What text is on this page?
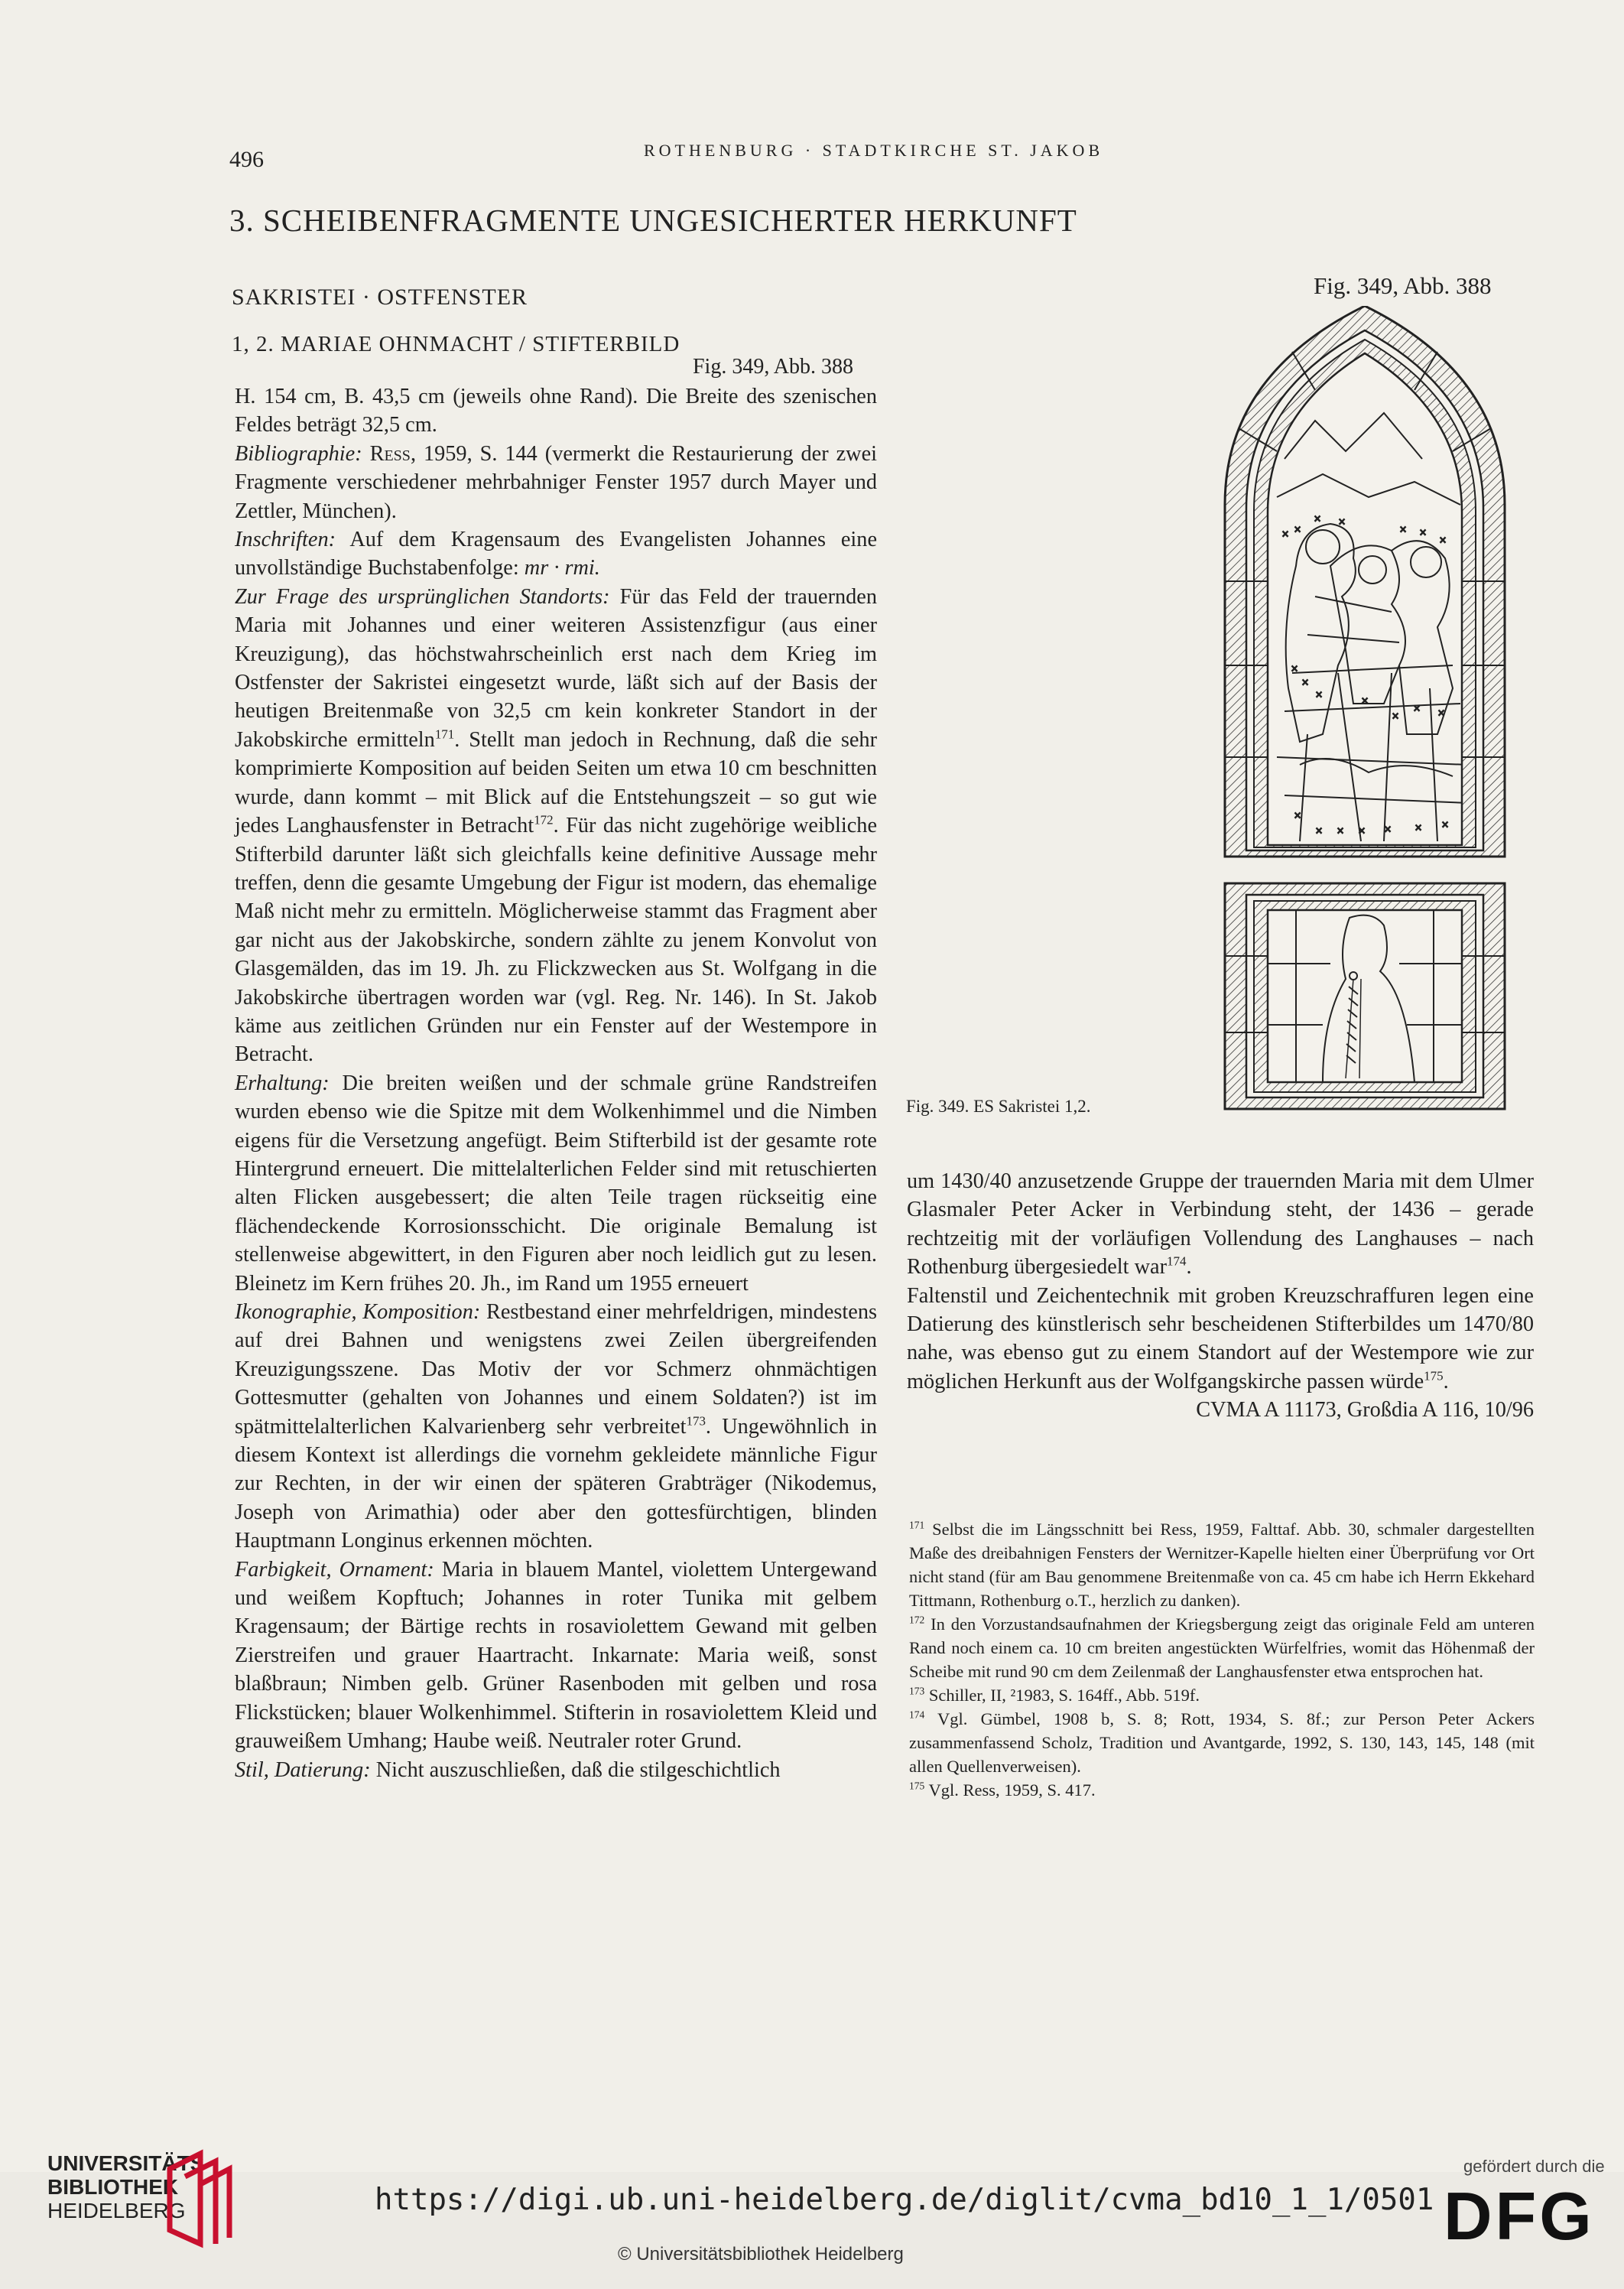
496	ROTHENBURG · STADTKIRCHE ST. JAKOB
3. SCHEIBENFRAGMENTE UNGESICHERTER HERKUNFT
SAKRISTEI · OSTFENSTER
1, 2. MARIAE OHNMACHT / STIFTERBILD
Fig. 349, Abb. 388
Fig. 349, Abb. 388

H. 154 cm, B. 43,5 cm (jeweils ohne Rand). Die Breite des szenischen Feldes beträgt 32,5 cm.

Bibliographie: Ress, 1959, S. 144 (vermerkt die Restaurierung der zwei Fragmente verschiedener mehrbahniger Fenster 1957 durch Mayer und Zettler, München).

Inschriften: Auf dem Kragensaum des Evangelisten Johannes eine unvollständige Buchstabenfolge: mr · rmi.

Zur Frage des ursprünglichen Standorts: Für das Feld der trauernden Maria mit Johannes und einer weiteren Assistenzfigur (aus einer Kreuzigung), das höchstwahrscheinlich erst nach dem Krieg im Ostfenster der Sakristei eingesetzt wurde, läßt sich auf der Basis der heutigen Breitenmaße von 32,5 cm kein konkreter Standort in der Jakobskirche ermitteln$^{171}$. Stellt man jedoch in Rechnung, daß die sehr komprimierte Komposition auf beiden Seiten um etwa 10 cm beschnitten wurde, dann kommt – mit Blick auf die Entstehungszeit – so gut wie jedes Langhausfenster in Betracht$^{172}$. Für das nicht zugehörige weibliche Stifterbild darunter läßt sich gleichfalls keine definitive Aussage mehr treffen, denn die gesamte Umgebung der Figur ist modern, das ehemalige Maß nicht mehr zu ermitteln. Möglicherweise stammt das Fragment aber gar nicht aus der Jakobskirche, sondern zählte zu jenem Konvolut von Glasgemälden, das im 19. Jh. zu Flickzwecken aus St. Wolfgang in die Jakobskirche übertragen worden war (vgl. Reg. Nr. 146). In St. Jakob käme aus zeitlichen Gründen nur ein Fenster auf der Westempore in Betracht.

Erhaltung: Die breiten weißen und der schmale grüne Randstreifen wurden ebenso wie die Spitze mit dem Wolkenhimmel und die Nimben eigens für die Versetzung angefügt. Beim Stifterbild ist der gesamte rote Hintergrund erneuert. Die mittelalterlichen Felder sind mit retuschierten alten Flicken ausgebessert; die alten Teile tragen rückseitig eine flächendeckende Korrosionsschicht. Die originale Bemalung ist stellenweise abgewittert, in den Figuren aber noch leidlich gut zu lesen. Bleinetz im Kern frühes 20. Jh., im Rand um 1955 erneuert

Ikonographie, Komposition: Restbestand einer mehrfeldrigen, mindestens auf drei Bahnen und wenigstens zwei Zeilen übergreifenden Kreuzigungsszene. Das Motiv der vor Schmerz ohnmächtigen Gottesmutter (gehalten von Johannes und einem Soldaten?) ist im spätmittelalterlichen Kalvarienberg sehr verbreitet$^{173}$. Ungewöhnlich in diesem Kontext ist allerdings die vornehm gekleidete männliche Figur zur Rechten, in der wir einen der späteren Grabträger (Nikodemus, Joseph von Arimathia) oder aber den gottesfürchtigen, blinden Hauptmann Longinus erkennen möchten.

Farbigkeit, Ornament: Maria in blauem Mantel, violettem Untergewand und weißem Kopftuch; Johannes in roter Tunika mit gelbem Kragensaum; der Bärtige rechts in rosaviolettem Gewand mit gelben Zierstreifen und grauer Haartracht. Inkarnate: Maria weiß, sonst blaßbraun; Nimben gelb. Grüner Rasenboden mit gelben und rosa Flickstücken; blauer Wolkenhimmel. Stifterin in rosaviolettem Kleid und grauweißem Umhang; Haube weiß. Neutraler roter Grund.

Stil, Datierung: Nicht auszuschließen, daß die stilgeschichtlich

× ×
× ×
× ×
×
×
×
×
×
×
× ×
×
× × × × × ×
Fig. 349. ES Sakristei 1,2.

um 1430/40 anzusetzende Gruppe der trauernden Maria mit dem Ulmer Glasmaler Peter Acker in Verbindung steht, der 1436 – gerade rechtzeitig mit der vorläufigen Vollendung des Langhauses – nach Rothenburg übergesiedelt war$^{174}$.

Faltenstil und Zeichentechnik mit groben Kreuzschraffuren legen eine Datierung des künstlerisch sehr bescheidenen Stifterbildes um 1470/80 nahe, was ebenso gut zu einem Standort auf der Westempore wie zur möglichen Herkunft aus der Wolfgangskirche passen würde$^{175}$.

CVMA A 11173, Großdia A 116, 10/96

$^{171}$ Selbst die im Längsschnitt bei Ress, 1959, Falttaf. Abb. 30, schmaler dargestellten Maße des dreibahnigen Fensters der Wernitzer-Kapelle hielten einer Überprüfung vor Ort nicht stand (für am Bau genommene Breitenmaße von ca. 45 cm habe ich Herrn Ekkehard Tittmann, Rothenburg o.T., herzlich zu danken).

$^{172}$ In den Vorzustandsaufnahmen der Kriegsbergung zeigt das originale Feld am unteren Rand noch einem ca. 10 cm breiten angestückten Würfelfries, womit das Höhenmaß der Scheibe mit rund 90 cm dem Zeilenmaß der Langhausfenster etwa entsprochen hat.

$^{173}$ Schiller, II, ²1983, S. 164ff., Abb. 519f.

$^{174}$ Vgl. Gümbel, 1908 b, S. 8; Rott, 1934, S. 8f.; zur Person Peter Ackers zusammenfassend Scholz, Tradition und Avantgarde, 1992, S. 130, 143, 145, 148 (mit allen Quellenverweisen).

$^{175}$ Vgl. Ress, 1959, S. 417.

UNIVERSITÄTS-
BIBLIOTHEK
HEIDELBERG	https://digi.ub.uni-heidelberg.de/diglit/cvma_bd10_1_1/0501
© Universitätsbibliothek Heidelberg
gefördert durch die
DFG
